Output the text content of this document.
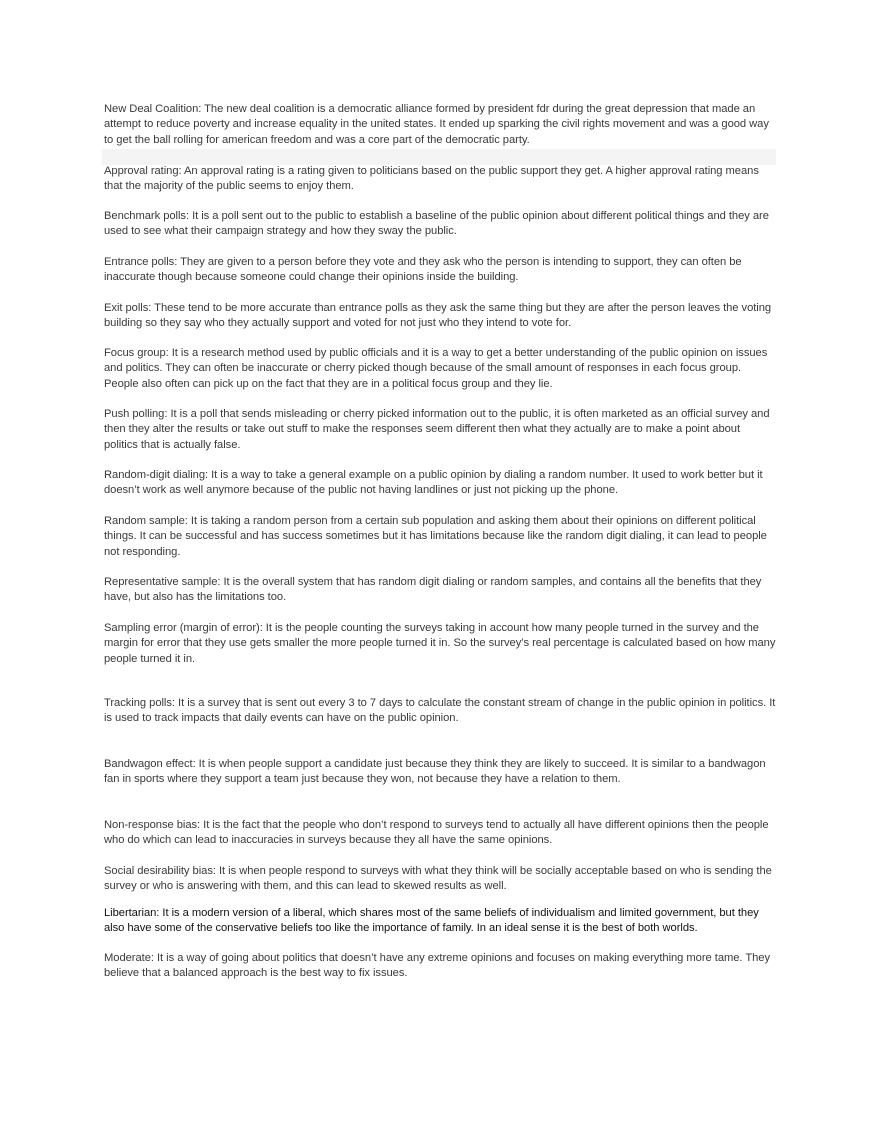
New Deal Coalition: The new deal coalition is a democratic alliance formed by president fdr during the great depression that made an attempt to reduce poverty and increase equality in the united states. It ended up sparking the civil rights movement and was a good way to get the ball rolling for american freedom and was a core part of the democratic party.

Approval rating: An approval rating is a rating given to politicians based on the public support they get. A higher approval rating means that the majority of the public seems to enjoy them.

Benchmark polls: It is a poll sent out to the public to establish a baseline of the public opinion about different political things and they are used to see what their campaign strategy and how they sway the public.

Entrance polls: They are given to a person before they vote and they ask who the person is intending to support, they can often be inaccurate though because someone could change their opinions inside the building.

Exit polls: These tend to be more accurate than entrance polls as they ask the same thing but they are after the person leaves the voting building so they say who they actually support and voted for not just who they intend to vote for.

Focus group: It is a research method used by public officials and it is a way to get a better understanding of the public opinion on issues and politics. They can often be inaccurate or cherry picked though because of the small amount of responses in each focus group. People also often can pick up on the fact that they are in a political focus group and they lie.

Push polling: It is a poll that sends misleading or cherry picked information out to the public, it is often marketed as an official survey and then they alter the results or take out stuff to make the responses seem different then what they actually are to make a point about politics that is actually false.

Random-digit dialing: It is a way to take a general example on a public opinion by dialing a random number. It used to work better but it doesn’t work as well anymore because of the public not having landlines or just not picking up the phone.

Random sample: It is taking a random person from a certain sub population and asking them about their opinions on different political things. It can be successful and has success sometimes but it has limitations because like the random digit dialing, it can lead to people not responding.

Representative sample: It is the overall system that has random digit dialing or random samples, and contains all the benefits that they have, but also has the limitations too.

Sampling error (margin of error): It is the people counting the surveys taking in account how many people turned in the survey and the margin for error that they use gets smaller the more people turned it in. So the survey’s real percentage is calculated based on how many people turned it in.

Tracking polls: It is a survey that is sent out every 3 to 7 days to calculate the constant stream of change in the public opinion in politics. It is used to track impacts that daily events can have on the public opinion.

Bandwagon effect: It is when people support a candidate just because they think they are likely to succeed. It is similar to a bandwagon fan in sports where they support a team just because they won, not because they have a relation to them.

Non-response bias: It is the fact that the people who don’t respond to surveys tend to actually all have different opinions then the people who do which can lead to inaccuracies in surveys because they all have the same opinions.

Social desirability bias: It is when people respond to surveys with what they think will be socially acceptable based on who is sending the survey or who is answering with them, and this can lead to skewed results as well.

Libertarian: It is a modern version of a liberal, which shares most of the same beliefs of individualism and limited government, but they also have some of the conservative beliefs too like the importance of family. In an ideal sense it is the best of both worlds.

Moderate: It is a way of going about politics that doesn’t have any extreme opinions and focuses on making everything more tame. They believe that a balanced approach is the best way to fix issues.
